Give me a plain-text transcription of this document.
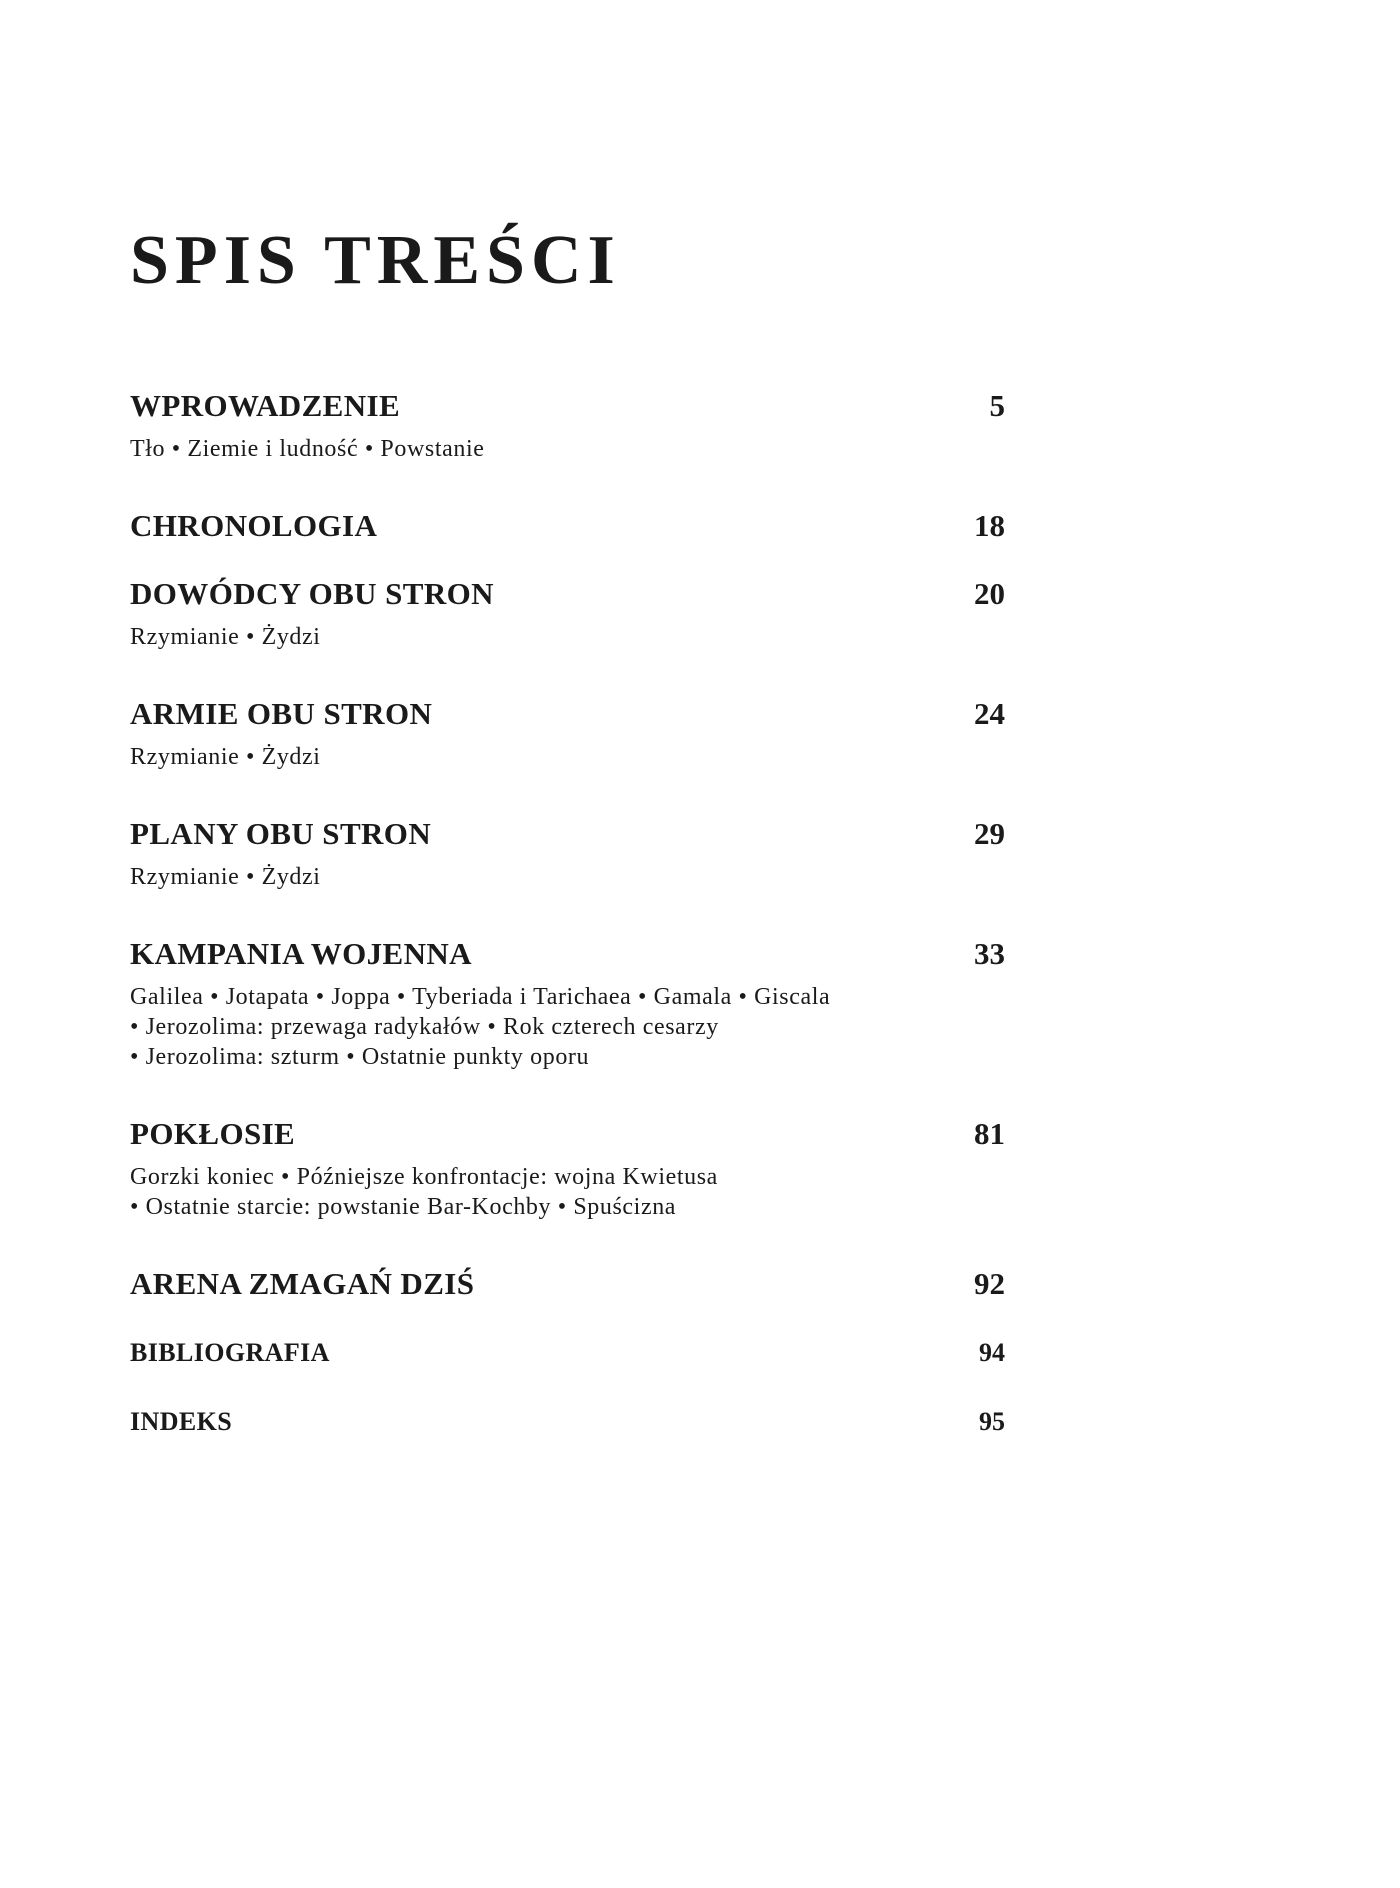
SPIS TREŚCI
WPROWADZENIE	5
Tło • Ziemie i ludność • Powstanie
CHRONOLOGIA	18
DOWÓDCY OBU STRON	20
Rzymianie • Żydzi
ARMIE OBU STRON	24
Rzymianie • Żydzi
PLANY OBU STRON	29
Rzymianie • Żydzi
KAMPANIA WOJENNA	33
Galilea • Jotapata • Joppa • Tyberiada i Tarichaea • Gamala • Giscala
• Jerozolima: przewaga radykałów • Rok czterech cesarzy
• Jerozolima: szturm • Ostatnie punkty oporu
POKŁOSIE	81
Gorzki koniec • Późniejsze konfrontacje: wojna Kwietusa
• Ostatnie starcie: powstanie Bar-Kochby • Spuścizna
ARENA ZMAGAŃ DZIŚ	92
BIBLIOGRAFIA	94
INDEKS	95
